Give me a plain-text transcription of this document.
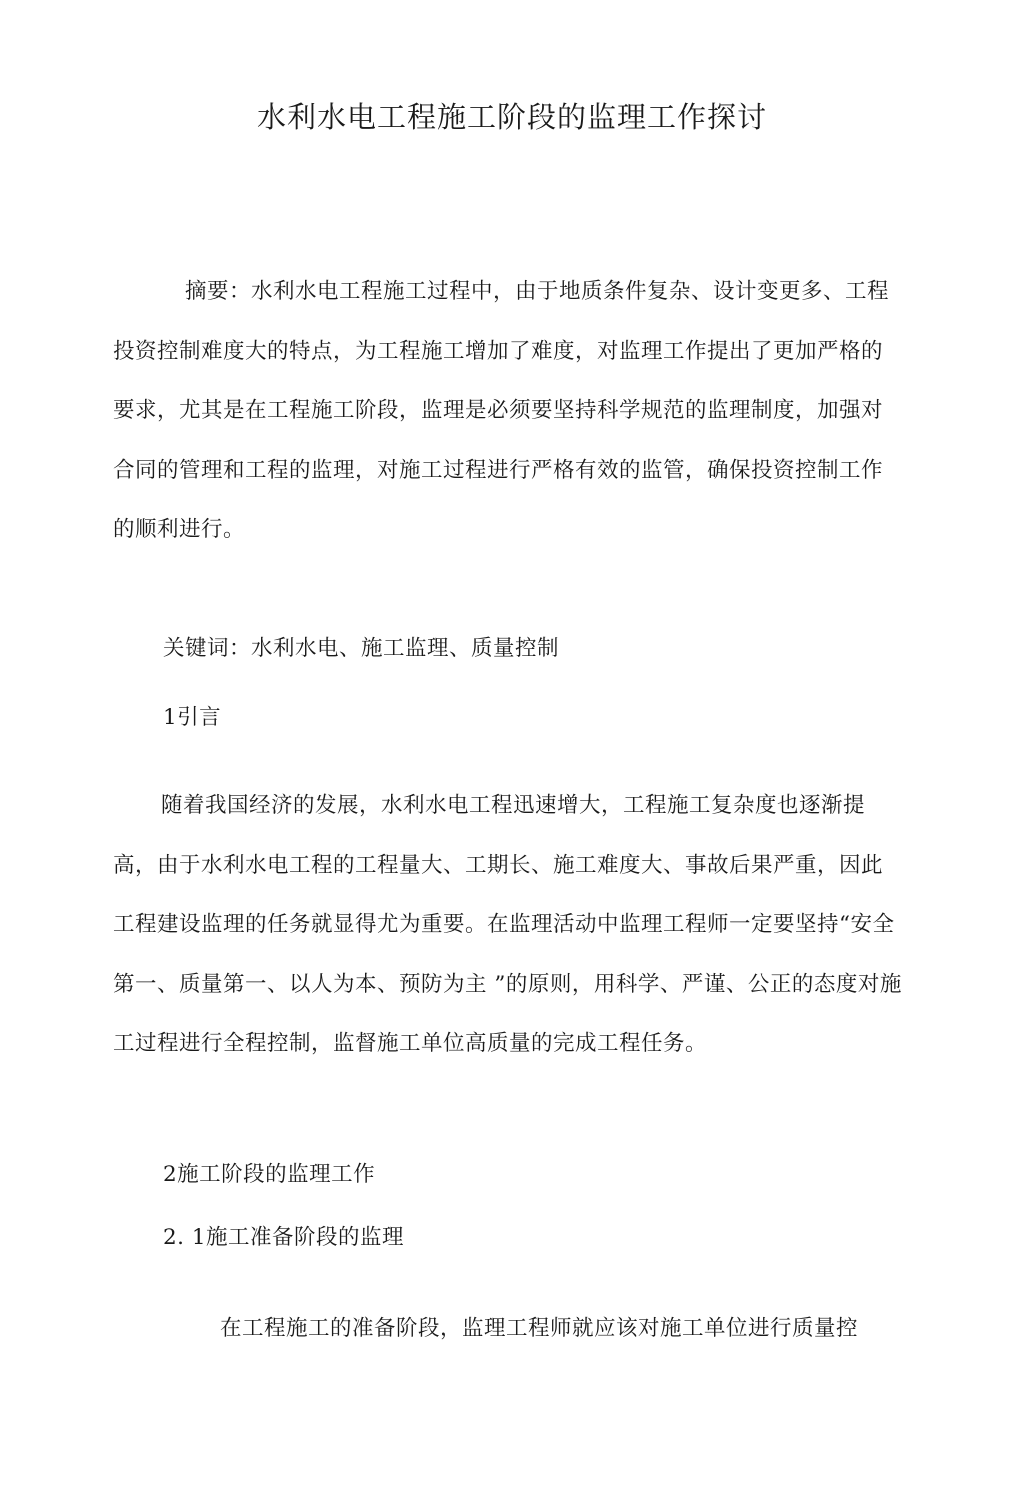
水利水电工程施工阶段的监理工作探讨

摘要：水利水电工程施工过程中，由于地质条件复杂、设计变更多、工程投资控制难度大的特点，为工程施工增加了难度，对监理工作提出了更加严格的要求，尤其是在工程施工阶段，监理是必须要坚持科学规范的监理制度，加强对合同的管理和工程的监理，对施工过程进行严格有效的监管，确保投资控制工作的顺利进行。

关键词：水利水电、施工监理、质量控制

1引言

随着我国经济的发展，水利水电工程迅速增大，工程施工复杂度也逐渐提高，由于水利水电工程的工程量大、工期长、施工难度大、事故后果严重，因此工程建设监理的任务就显得尤为重要。在监理活动中监理工程师一定要坚持“安全第一、质量第一、以人为本、预防为主 ”的原则，用科学、严谨、公正的态度对施工过程进行全程控制，监督施工单位高质量的完成工程任务。

2施工阶段的监理工作

2. 1施工准备阶段的监理

在工程施工的准备阶段，监理工程师就应该对施工单位进行质量控
